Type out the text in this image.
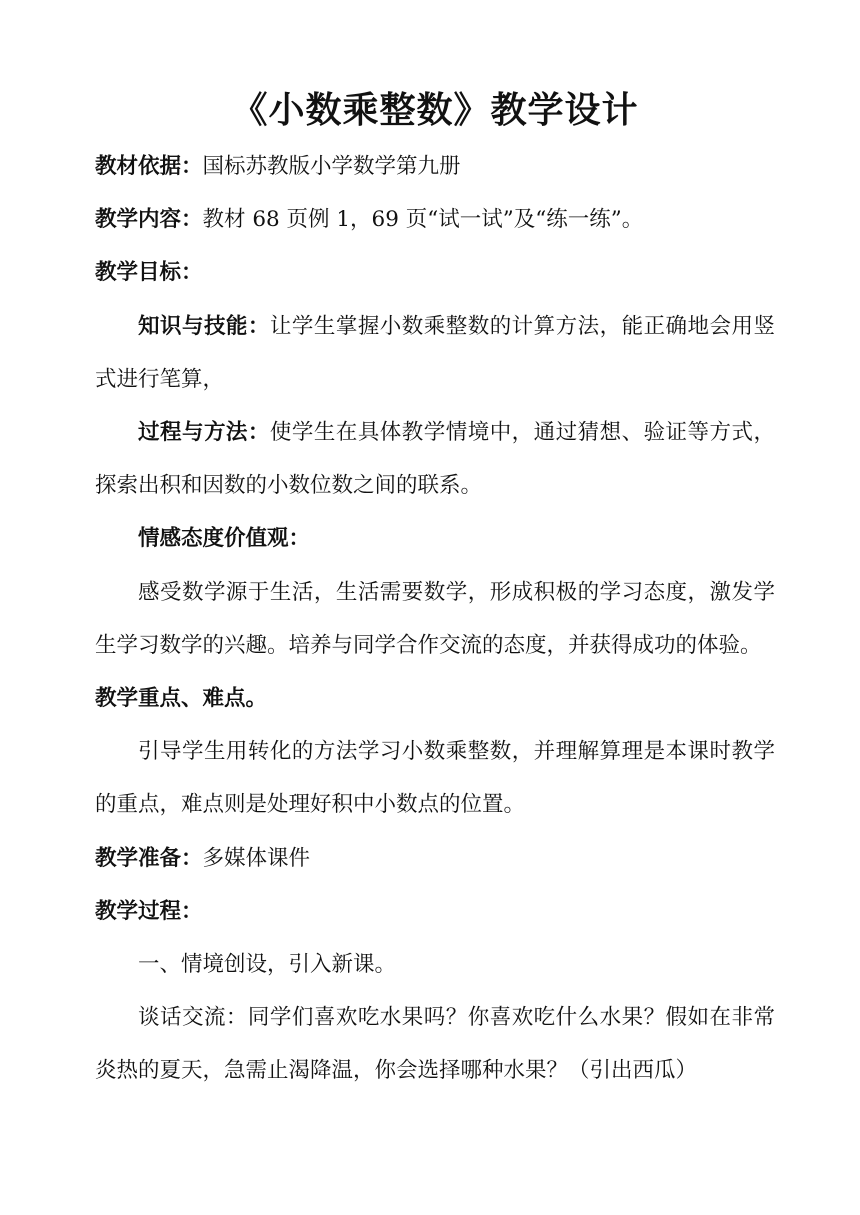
《小数乘整数》教学设计

教材依据：国标苏教版小学数学第九册

教学内容：教材 68 页例 1，69 页“试一试”及“练一练”。

教学目标：

知识与技能：让学生掌握小数乘整数的计算方法，能正确地会用竖式进行笔算，

过程与方法：使学生在具体教学情境中，通过猜想、验证等方式，探索出积和因数的小数位数之间的联系。

情感态度价值观：

感受数学源于生活，生活需要数学，形成积极的学习态度，激发学生学习数学的兴趣。培养与同学合作交流的态度，并获得成功的体验。

教学重点、难点。

引导学生用转化的方法学习小数乘整数，并理解算理是本课时教学的重点，难点则是处理好积中小数点的位置。

教学准备：多媒体课件

教学过程：

一、情境创设，引入新课。

谈话交流：同学们喜欢吃水果吗？你喜欢吃什么水果？假如在非常炎热的夏天，急需止渴降温，你会选择哪种水果？（引出西瓜）
